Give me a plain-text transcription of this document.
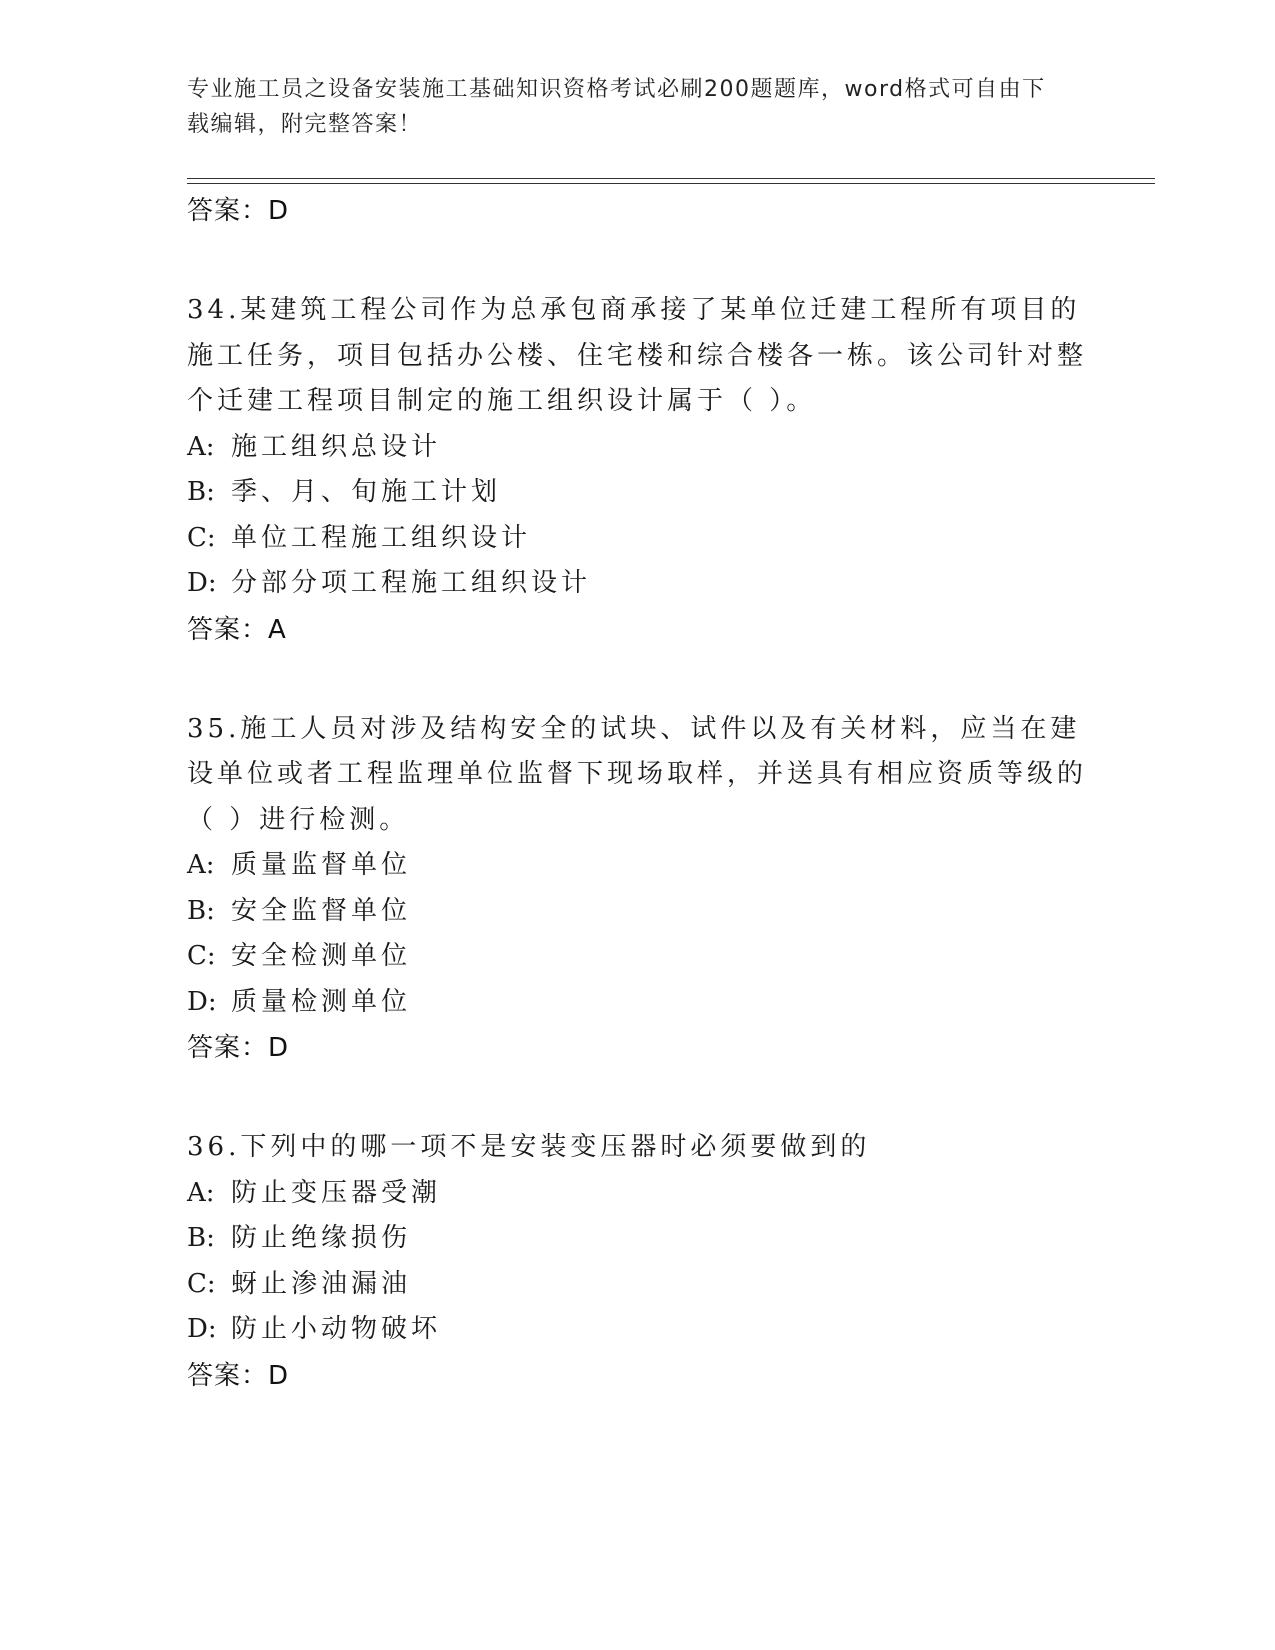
专业施工员之设备安装施工基础知识资格考试必刷200题题库，word格式可自由下载编辑，附完整答案！
答案：D

34.某建筑工程公司作为总承包商承接了某单位迁建工程所有项目的施工任务，项目包括办公楼、住宅楼和综合楼各一栋。该公司针对整个迁建工程项目制定的施工组织设计属于（ ）。

A: 施工组织总设计

B: 季、月、旬施工计划

C: 单位工程施工组织设计

D: 分部分项工程施工组织设计

答案：A

35.施工人员对涉及结构安全的试块、试件以及有关材料，应当在建设单位或者工程监理单位监督下现场取样，并送具有相应资质等级的（ ）进行检测。

A: 质量监督单位

B: 安全监督单位

C: 安全检测单位

D: 质量检测单位

答案：D

36.下列中的哪一项不是安装变压器时必须要做到的

A: 防止变压器受潮

B: 防止绝缘损伤

C: 蚜止渗油漏油

D: 防止小动物破坏

答案：D
